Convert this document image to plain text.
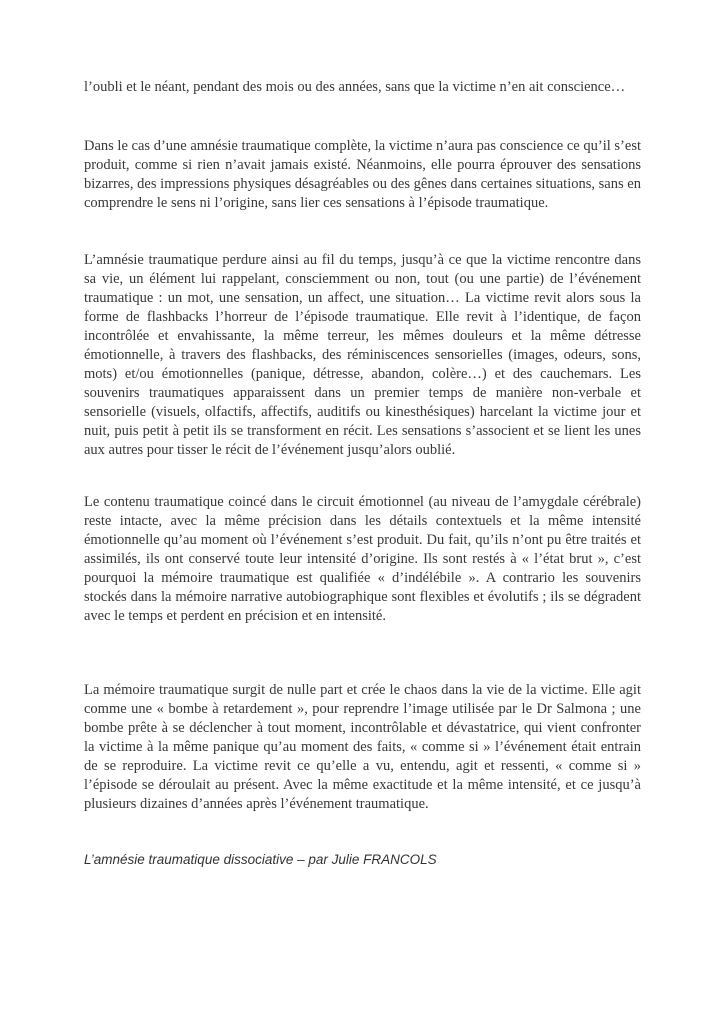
l’oubli et le néant, pendant des mois ou des années, sans que la victime n’en ait conscience…

Dans le cas d’une amnésie traumatique complète, la victime n’aura pas conscience ce qu’il s’est produit, comme si rien n’avait jamais existé. Néanmoins, elle pourra éprouver des sensations bizarres, des impressions physiques désagréables ou des gênes dans certaines situations, sans en comprendre le sens ni l’origine, sans lier ces sensations à l’épisode traumatique.

L’amnésie traumatique perdure ainsi au fil du temps, jusqu’à ce que la victime rencontre dans sa vie, un élément lui rappelant, consciemment ou non, tout (ou une partie) de l’événement traumatique : un mot, une sensation, un affect, une situation… La victime revit alors sous la forme de flashbacks l’horreur de l’épisode traumatique. Elle revit à l’identique, de façon incontrôlée et envahissante, la même terreur, les mêmes douleurs et la même détresse émotionnelle, à travers des flashbacks, des réminiscences sensorielles (images, odeurs, sons, mots) et/ou émotionnelles (panique, détresse, abandon, colère…) et des cauchemars. Les souvenirs traumatiques apparaissent dans un premier temps de manière non-verbale et sensorielle (visuels, olfactifs, affectifs, auditifs ou kinesthésiques) harcelant la victime jour et nuit, puis petit à petit ils se transforment en récit. Les sensations s’associent et se lient les unes aux autres pour tisser le récit de l’événement jusqu’alors oublié.

Le contenu traumatique coincé dans le circuit émotionnel (au niveau de l’amygdale cérébrale) reste intacte, avec la même précision dans les détails contextuels et la même intensité émotionnelle qu’au moment où l’événement s’est produit. Du fait, qu’ils n’ont pu être traités et assimilés, ils ont conservé toute leur intensité d’origine. Ils sont restés à « l’état brut », c’est pourquoi la mémoire traumatique est qualifiée « d’indélébile ». A contrario les souvenirs stockés dans la mémoire narrative autobiographique sont flexibles et évolutifs ; ils se dégradent avec le temps et perdent en précision et en intensité.

La mémoire traumatique surgit de nulle part et crée le chaos dans la vie de la victime. Elle agit comme une « bombe à retardement », pour reprendre l’image utilisée par le Dr Salmona ; une bombe prête à se déclencher à tout moment, incontrôlable et dévastatrice, qui vient confronter la victime à la même panique qu’au moment des faits, « comme si » l’événement était entrain de se reproduire. La victime revit ce qu’elle a vu, entendu, agit et ressenti, « comme si » l’épisode se déroulait au présent. Avec la même exactitude et la même intensité, et ce jusqu’à plusieurs dizaines d’années après l’événement traumatique.

L’amnésie traumatique dissociative – par Julie FRANCOLS
